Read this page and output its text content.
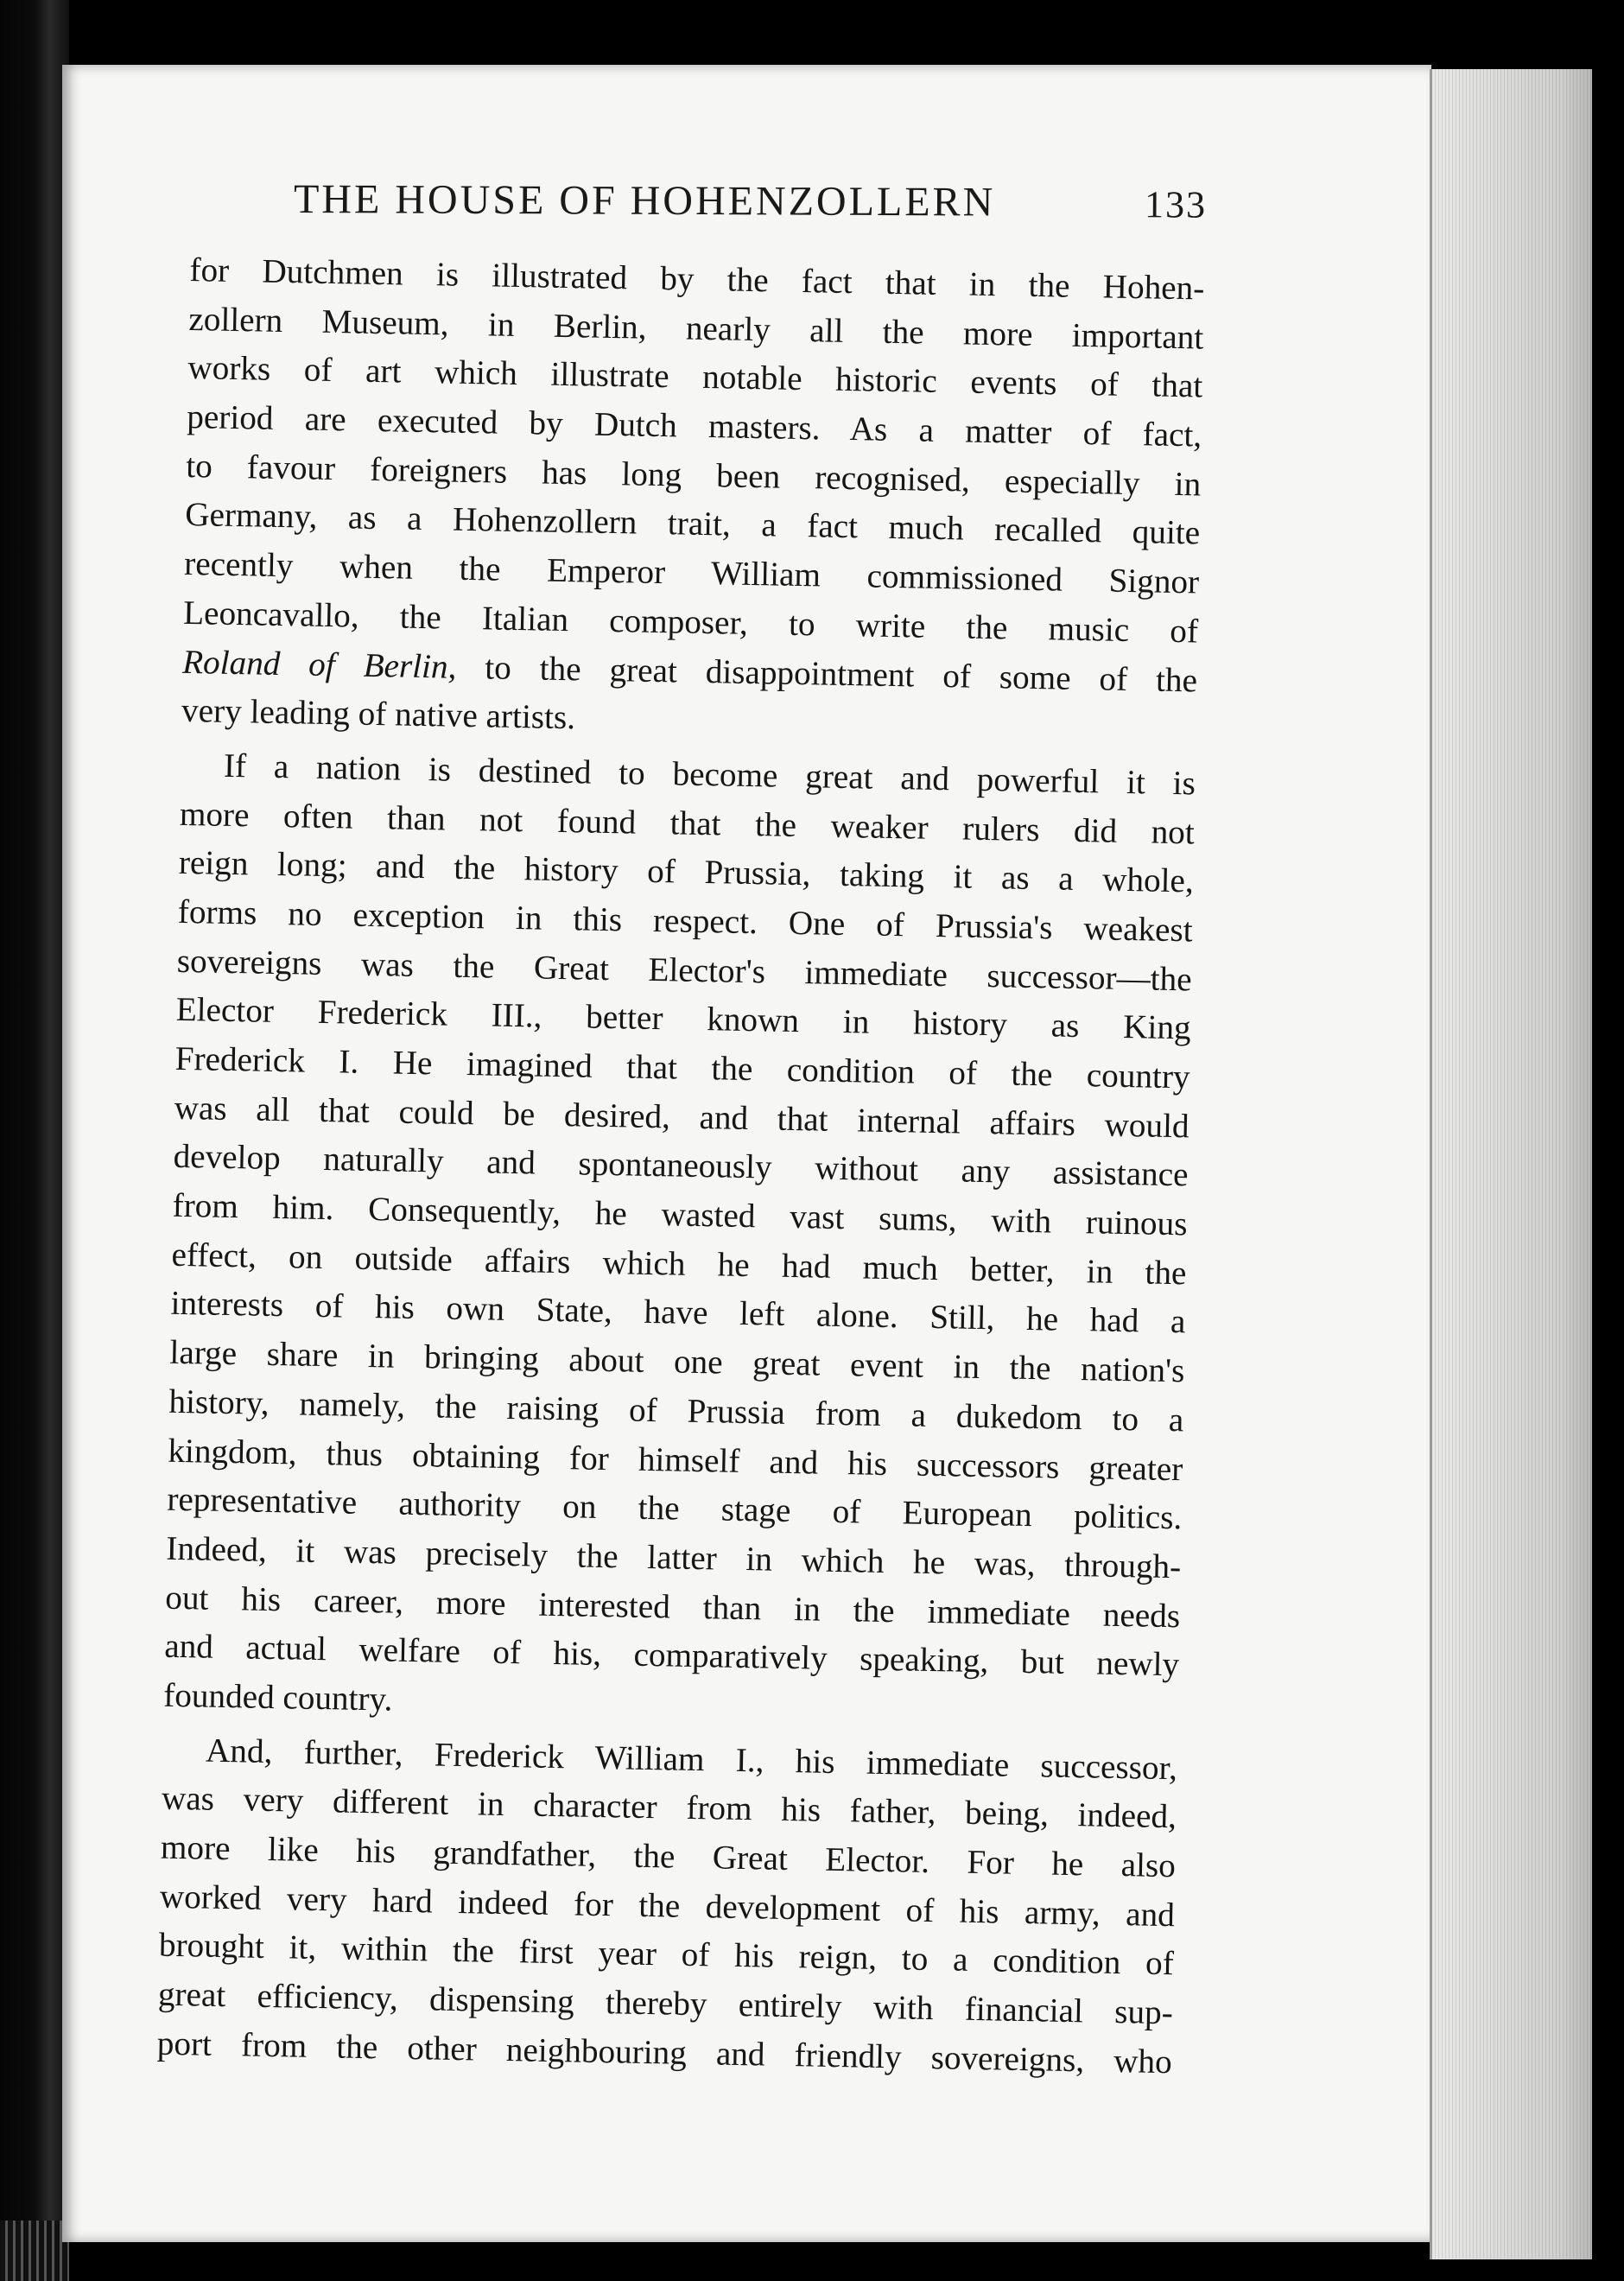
THE HOUSE OF HOHENZOLLERN	133
for Dutchmen is illustrated by the fact that in the Hohen-
zollern Museum, in Berlin, nearly all the more important
works of art which illustrate notable historic events of that
period are executed by Dutch masters. As a matter of fact,
to favour foreigners has long been recognised, especially in
Germany, as a Hohenzollern trait, a fact much recalled quite
recently when the Emperor William commissioned Signor
Leoncavallo, the Italian composer, to write the music of
Roland of Berlin, to the great disappointment of some of the
very leading of native artists.
If a nation is destined to become great and powerful it is
more often than not found that the weaker rulers did not
reign long; and the history of Prussia, taking it as a whole,
forms no exception in this respect. One of Prussia's weakest
sovereigns was the Great Elector's immediate successor—the
Elector Frederick III., better known in history as King
Frederick I. He imagined that the condition of the country
was all that could be desired, and that internal affairs would
develop naturally and spontaneously without any assistance
from him. Consequently, he wasted vast sums, with ruinous
effect, on outside affairs which he had much better, in the
interests of his own State, have left alone. Still, he had a
large share in bringing about one great event in the nation's
history, namely, the raising of Prussia from a dukedom to a
kingdom, thus obtaining for himself and his successors greater
representative authority on the stage of European politics.
Indeed, it was precisely the latter in which he was, through-
out his career, more interested than in the immediate needs
and actual welfare of his, comparatively speaking, but newly
founded country.
And, further, Frederick William I., his immediate successor,
was very different in character from his father, being, indeed,
more like his grandfather, the Great Elector. For he also
worked very hard indeed for the development of his army, and
brought it, within the first year of his reign, to a condition of
great efficiency, dispensing thereby entirely with financial sup-
port from the other neighbouring and friendly sovereigns, who
